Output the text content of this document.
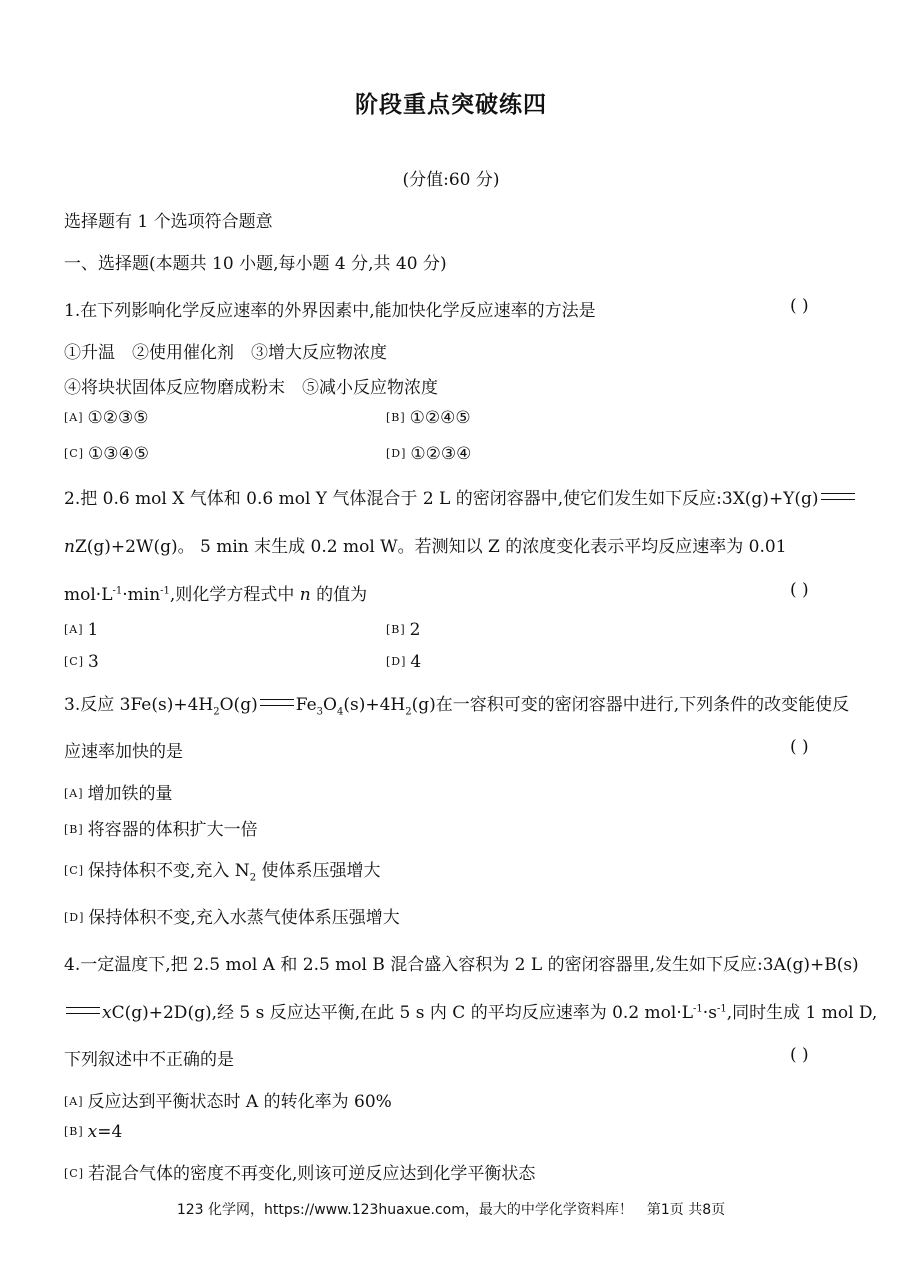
阶段重点突破练四
(分值:60 分)
选择题有 1 个选项符合题意
一、选择题(本题共 10 小题,每小题 4 分,共 40 分)
1.在下列影响化学反应速率的外界因素中,能加快化学反应速率的方法是	( )
①升温　②使用催化剂　③增大反应物浓度
④将块状固体反应物磨成粉末　⑤减小反应物浓度
[A] ①②③⑤	[B] ①②④⑤
[C] ①③④⑤	[D] ①②③④
2.把 0.6 mol X 气体和 0.6 mol Y 气体混合于 2 L 的密闭容器中,使它们发生如下反应:3X(g)+Y(g)
nZ(g)+2W(g)。 5 min 末生成 0.2 mol W。若测知以 Z 的浓度变化表示平均反应速率为 0.01
$mol\cdot L^{-1}\cdot\min^{-1}$,则化学方程式中 n 的值为	( )
[A] 1	[B] 2
[C] 3	[D] 4
3.反应 $3Fe(s)+4H_2O(g)$ $Fe_3O_4(s)+4H_2(g)$在一容积可变的密闭容器中进行,下列条件的改变能使反
应速率加快的是	( )
[A] 增加铁的量
[B] 将容器的体积扩大一倍
[C] 保持体积不变,充入 $N_2$ 使体系压强增大
[D] 保持体积不变,充入水蒸气使体系压强增大
4.一定温度下,把 2.5 mol A 和 2.5 mol B 混合盛入容积为 2 L 的密闭容器里,发生如下反应:3A(g)+B(s)
xC(g)+2D(g),经 5 s 反应达平衡,在此 5 s 内 C 的平均反应速率为 0.2 $mol\cdot L^{-1}\cdot s^{-1}$,同时生成 1 mol D,
下列叙述中不正确的是	( )
[A] 反应达到平衡状态时 A 的转化率为 60%
[B] x=4
[C] 若混合气体的密度不再变化,则该可逆反应达到化学平衡状态
123 化学网，https://www.123huaxue.com，最大的中学化学资料库！　第1页 共8页
